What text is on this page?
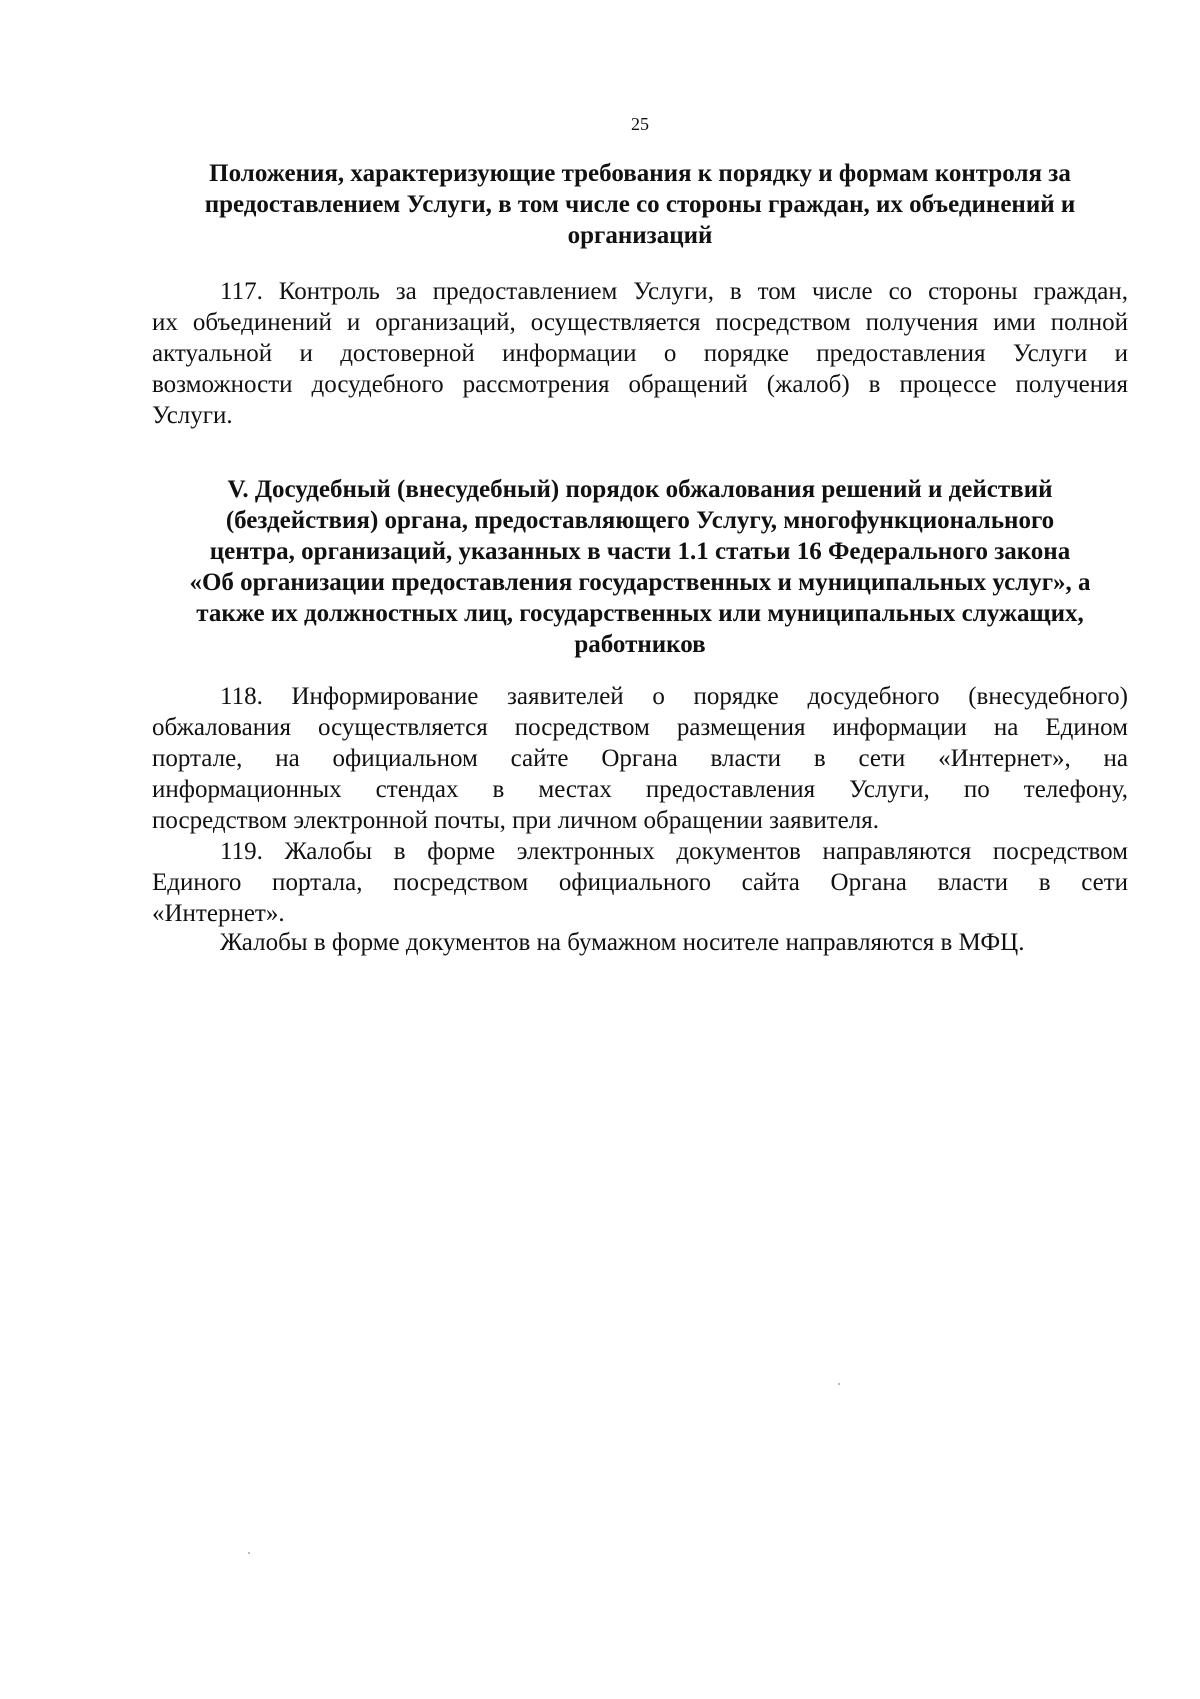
25
Положения, характеризующие требования к порядку и формам контроля за
предоставлением Услуги, в том числе со стороны граждан, их объединений и
организаций
117. Контроль за предоставлением Услуги, в том числе со стороны граждан,
их объединений и организаций, осуществляется посредством получения ими полной
актуальной и достоверной информации о порядке предоставления Услуги и
возможности досудебного рассмотрения обращений (жалоб) в процессе получения
Услуги.
V. Досудебный (внесудебный) порядок обжалования решений и действий
(бездействия) органа, предоставляющего Услугу, многофункционального
центра, организаций, указанных в части 1.1 статьи 16 Федерального закона
«Об организации предоставления государственных и муниципальных услуг», а
также их должностных лиц, государственных или муниципальных служащих,
работников
118. Информирование заявителей о порядке досудебного (внесудебного)
обжалования осуществляется посредством размещения информации на Едином
портале, на официальном сайте Органа власти в сети «Интернет», на
информационных стендах в местах предоставления Услуги, по телефону,
посредством электронной почты, при личном обращении заявителя.
119. Жалобы в форме электронных документов направляются посредством
Единого портала, посредством официального сайта Органа власти в сети
«Интернет».
Жалобы в форме документов на бумажном носителе направляются в МФЦ.
